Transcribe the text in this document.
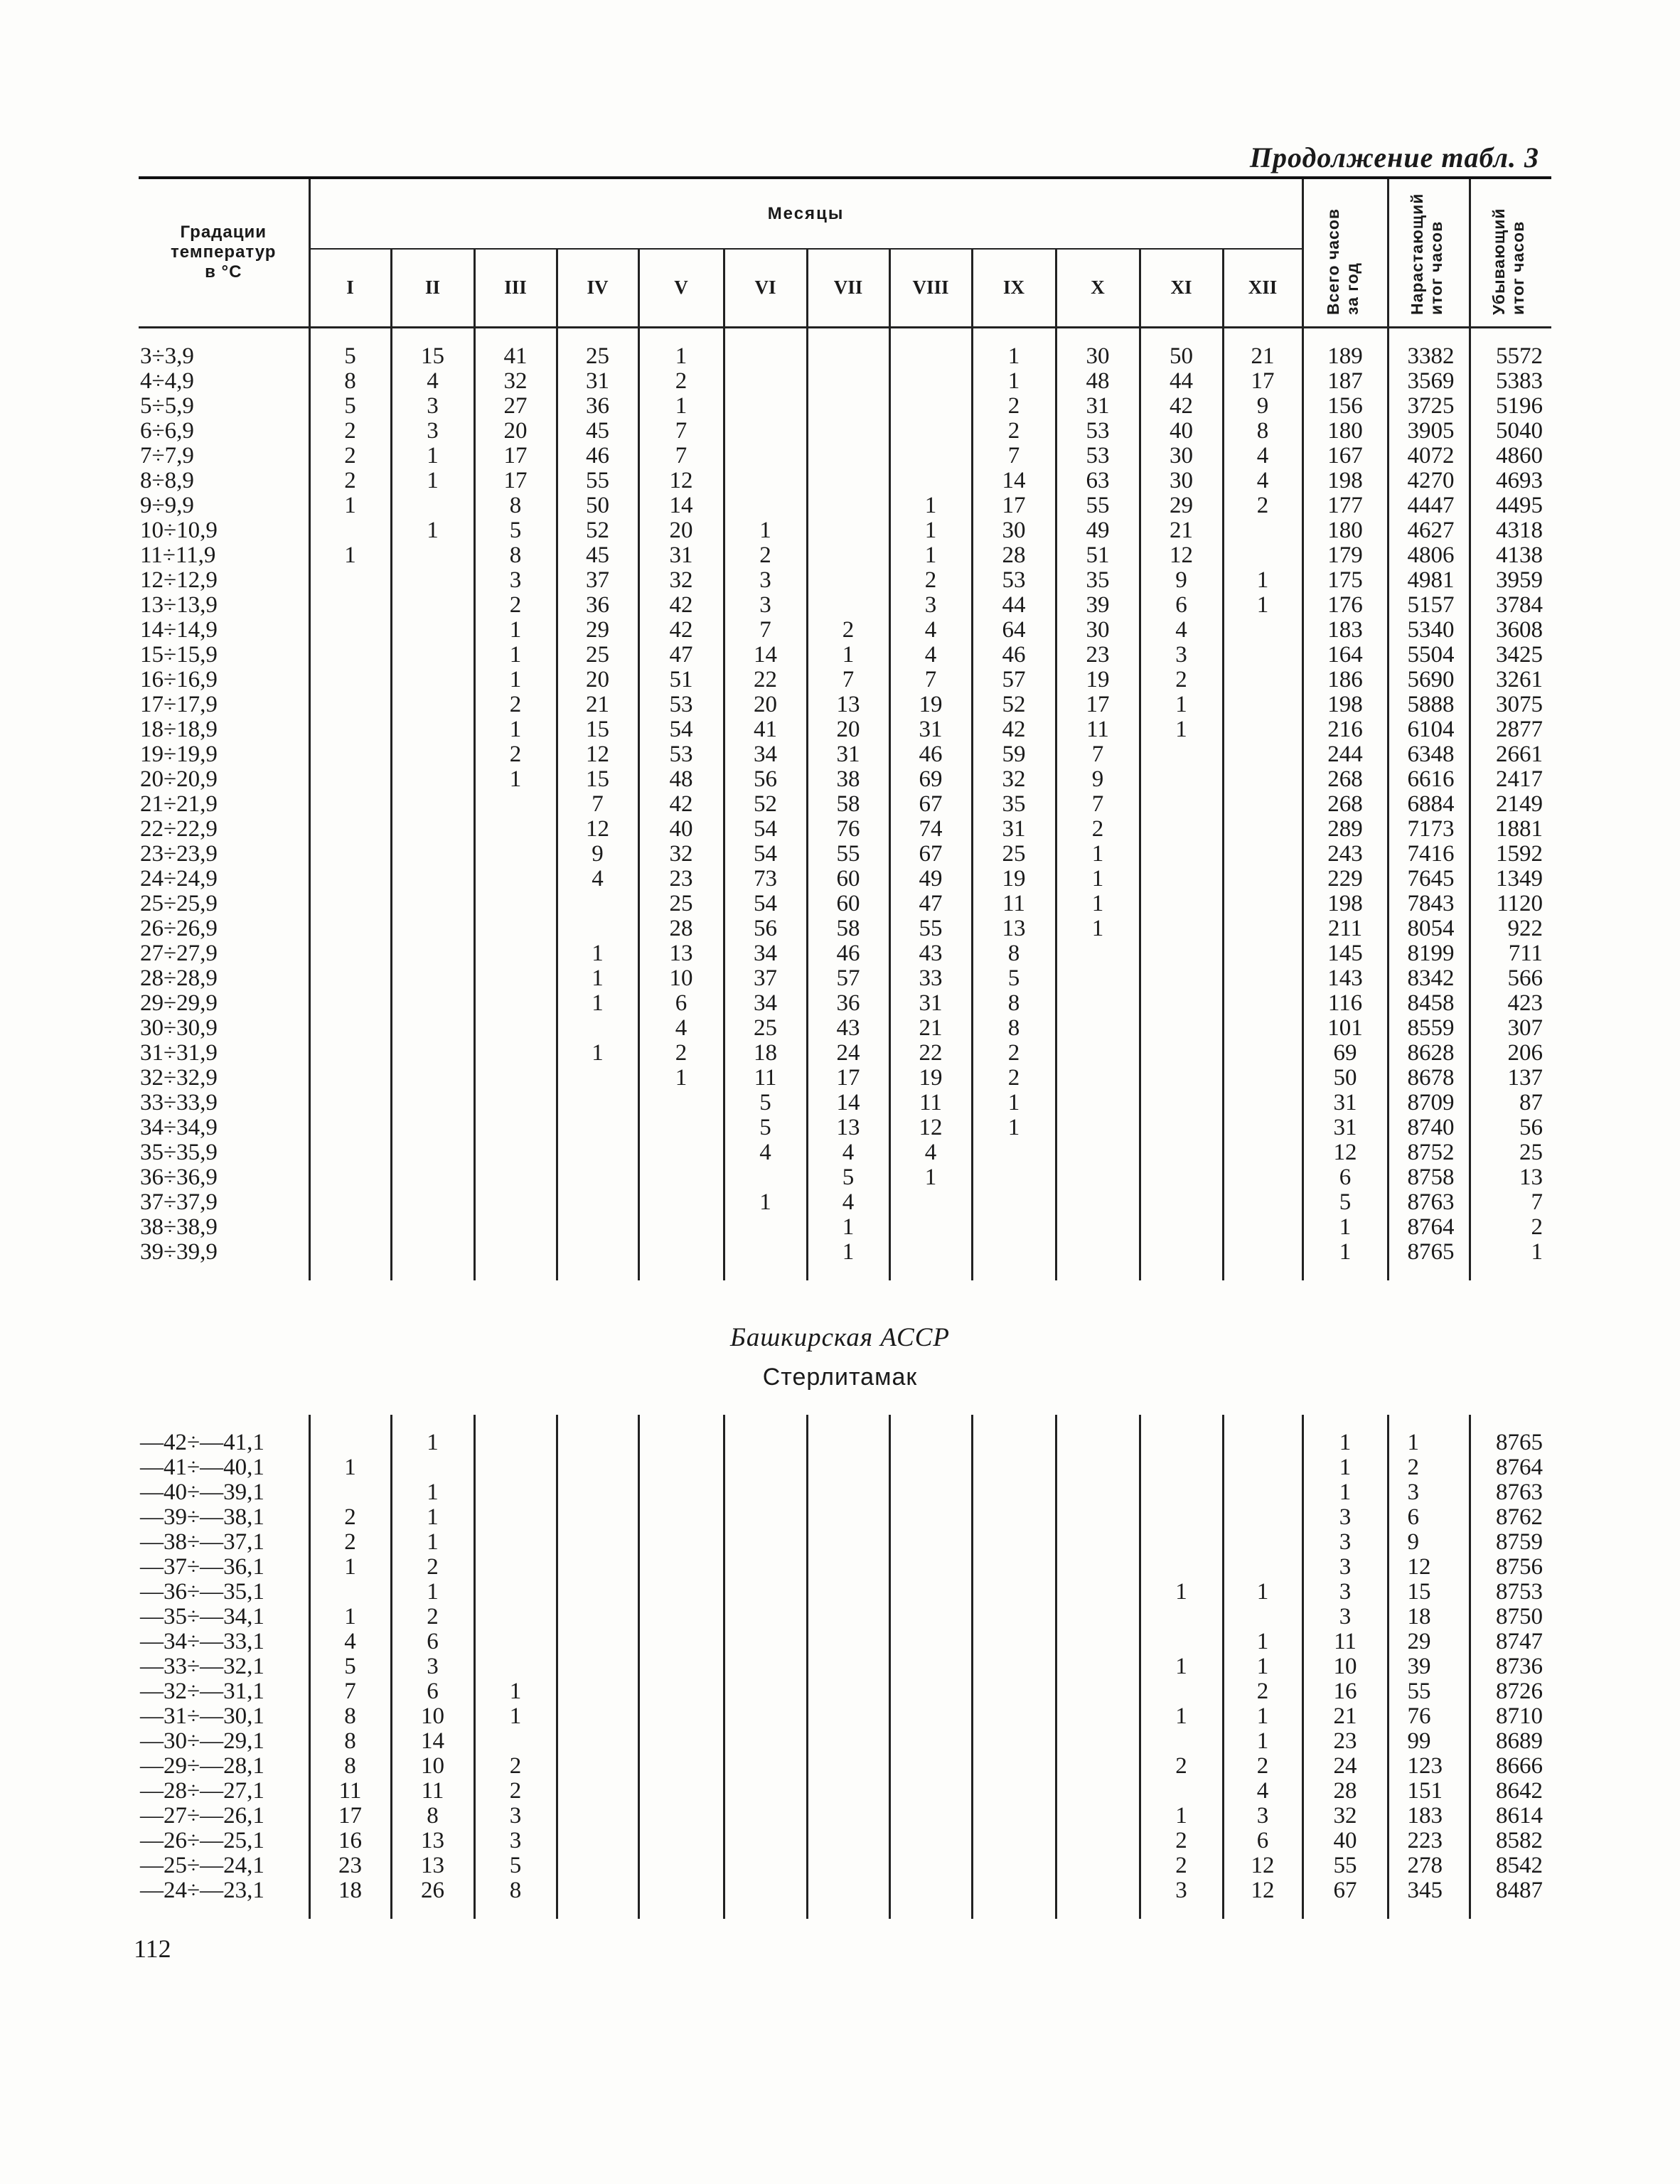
Продолжение табл. 3
Градации температур в °С	Месяцы												Всего часов за год	Нарастающий итог часов	Убывающий итог часов
	I	II	III	IV	V	VI	VII	VIII	IX	X	XI	XII			

3÷3,9	5	15	41	25	1				1	30	50	21	189	3382	5572
4÷4,9	8	4	32	31	2				1	48	44	17	187	3569	5383
5÷5,9	5	3	27	36	1				2	31	42	9	156	3725	5196
6÷6,9	2	3	20	45	7				2	53	40	8	180	3905	5040
7÷7,9	2	1	17	46	7				7	53	30	4	167	4072	4860
8÷8,9	2	1	17	55	12				14	63	30	4	198	4270	4693
9÷9,9	1		8	50	14			1	17	55	29	2	177	4447	4495
10÷10,9		1	5	52	20	1		1	30	49	21		180	4627	4318
11÷11,9	1		8	45	31	2		1	28	51	12		179	4806	4138
12÷12,9			3	37	32	3		2	53	35	9	1	175	4981	3959
13÷13,9			2	36	42	3		3	44	39	6	1	176	5157	3784
14÷14,9			1	29	42	7	2	4	64	30	4		183	5340	3608
15÷15,9			1	25	47	14	1	4	46	23	3		164	5504	3425
16÷16,9			1	20	51	22	7	7	57	19	2		186	5690	3261
17÷17,9			2	21	53	20	13	19	52	17	1		198	5888	3075
18÷18,9			1	15	54	41	20	31	42	11	1		216	6104	2877
19÷19,9			2	12	53	34	31	46	59	7			244	6348	2661
20÷20,9			1	15	48	56	38	69	32	9			268	6616	2417
21÷21,9				7	42	52	58	67	35	7			268	6884	2149
22÷22,9				12	40	54	76	74	31	2			289	7173	1881
23÷23,9				9	32	54	55	67	25	1			243	7416	1592
24÷24,9				4	23	73	60	49	19	1			229	7645	1349
25÷25,9					25	54	60	47	11	1			198	7843	1120
26÷26,9					28	56	58	55	13	1			211	8054	922
27÷27,9				1	13	34	46	43	8				145	8199	711
28÷28,9				1	10	37	57	33	5				143	8342	566
29÷29,9				1	6	34	36	31	8				116	8458	423
30÷30,9					4	25	43	21	8				101	8559	307
31÷31,9				1	2	18	24	22	2				69	8628	206
32÷32,9					1	11	17	19	2				50	8678	137
33÷33,9						5	14	11	1				31	8709	87
34÷34,9						5	13	12	1				31	8740	56
35÷35,9						4	4	4					12	8752	25
36÷36,9							5	1					6	8758	13
37÷37,9						1	4						5	8763	7
38÷38,9							1						1	8764	2
39÷39,9							1						1	8765	1

Башкирская АССР
Стерлитамак

—42÷—41,1		1											1	1	8765
—41÷—40,1	1												1	2	8764
—40÷—39,1		1											1	3	8763
—39÷—38,1	2	1											3	6	8762
—38÷—37,1	2	1											3	9	8759
—37÷—36,1	1	2											3	12	8756
—36÷—35,1		1									1	1	3	15	8753
—35÷—34,1	1	2											3	18	8750
—34÷—33,1	4	6										1	11	29	8747
—33÷—32,1	5	3									1	1	10	39	8736
—32÷—31,1	7	6	1									2	16	55	8726
—31÷—30,1	8	10	1								1	1	21	76	8710
—30÷—29,1	8	14										1	23	99	8689
—29÷—28,1	8	10	2								2	2	24	123	8666
—28÷—27,1	11	11	2									4	28	151	8642
—27÷—26,1	17	8	3								1	3	32	183	8614
—26÷—25,1	16	13	3								2	6	40	223	8582
—25÷—24,1	23	13	5								2	12	55	278	8542
—24÷—23,1	18	26	8								3	12	67	345	8487

112
